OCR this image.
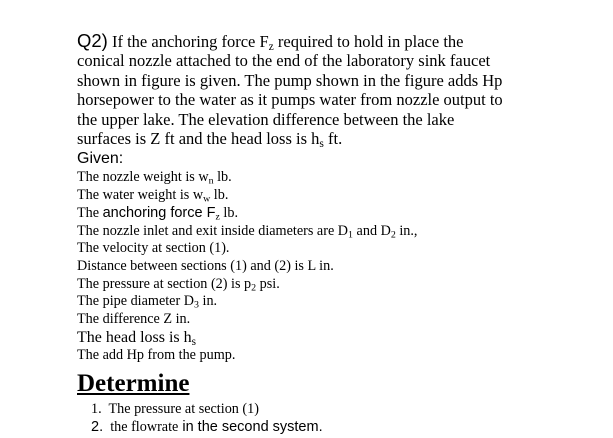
Q2) If the anchoring force $F_z$ required to hold in place the
conical nozzle attached to the end of the laboratory sink faucet
shown in figure is given. The pump shown in the figure adds Hp
horsepower to the water as it pumps water from nozzle output to
the upper lake. The elevation difference between the lake
surfaces is Z ft and the head loss is $h_s$ ft.
Given:
The nozzle weight is $w_n$ lb.
The water weight is $w_w$ lb.
The anchoring force $F_z$ lb.
The nozzle inlet and exit inside diameters are $D_1$ and $D_2$ in.,
The velocity at section (1).
Distance between sections (1) and (2) is L in.
The pressure at section (2) is $p_2$ psi.
The pipe diameter $D_3$ in.
The difference Z in.
The head loss is $h_s$
The add Hp from the pump.
Determine
1. The pressure at section (1)
2. the flowrate in the second system.
